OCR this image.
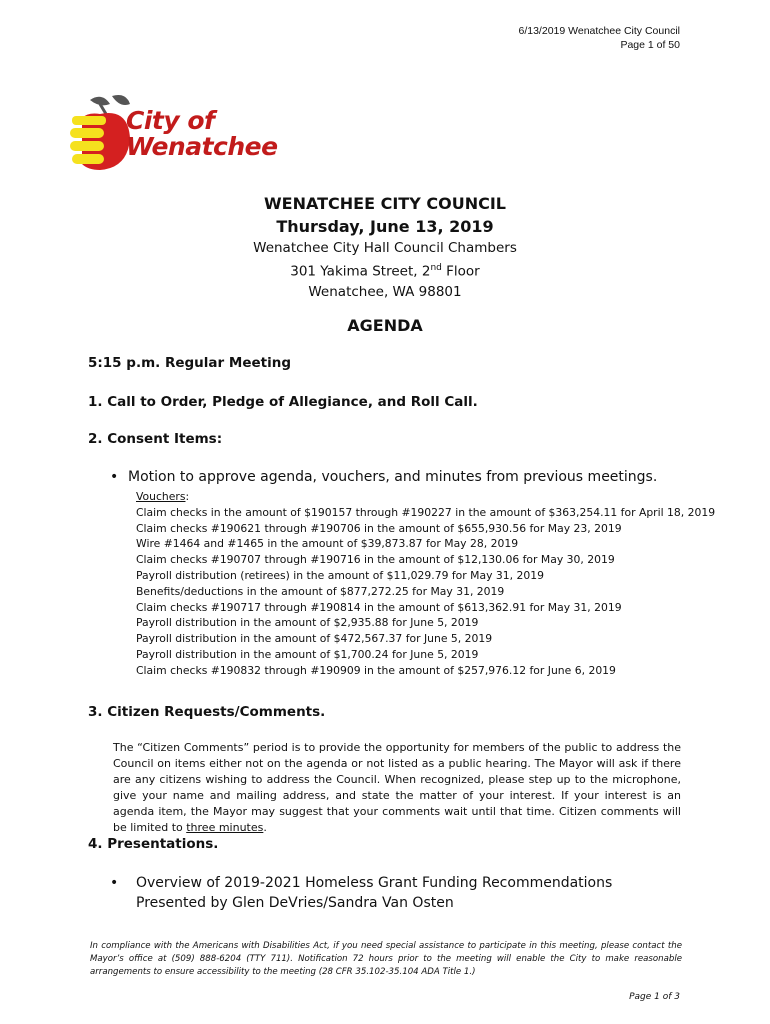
6/13/2019 Wenatchee City Council
Page 1 of 50
City of
Wenatchee
WENATCHEE CITY COUNCIL
Thursday, June 13, 2019
Wenatchee City Hall Council Chambers
301 Yakima Street, 2nd Floor
Wenatchee, WA 98801
AGENDA
5:15 p.m. Regular Meeting
1. Call to Order, Pledge of Allegiance, and Roll Call.
2. Consent Items:
• Motion to approve agenda, vouchers, and minutes from previous meetings.
Vouchers:
Claim checks in the amount of $190157 through #190227 in the amount of $363,254.11 for April 18, 2019
Claim checks #190621 through #190706 in the amount of $655,930.56 for May 23, 2019
Wire #1464 and #1465 in the amount of $39,873.87 for May 28, 2019
Claim checks #190707 through #190716 in the amount of $12,130.06 for May 30, 2019
Payroll distribution (retirees) in the amount of $11,029.79 for May 31, 2019
Benefits/deductions in the amount of $877,272.25 for May 31, 2019
Claim checks #190717 through #190814 in the amount of $613,362.91 for May 31, 2019
Payroll distribution in the amount of $2,935.88 for June 5, 2019
Payroll distribution in the amount of $472,567.37 for June 5, 2019
Payroll distribution in the amount of $1,700.24 for June 5, 2019
Claim checks #190832 through #190909 in the amount of $257,976.12 for June 6, 2019
3. Citizen Requests/Comments.
The “Citizen Comments” period is to provide the opportunity for members of the public to address the Council on items either not on the agenda or not listed as a public hearing. The Mayor will ask if there are any citizens wishing to address the Council. When recognized, please step up to the microphone, give your name and mailing address, and state the matter of your interest. If your interest is an agenda item, the Mayor may suggest that your comments wait until that time. Citizen comments will be limited to three minutes.
4. Presentations.
• Overview of 2019-2021 Homeless Grant Funding Recommendations
Presented by Glen DeVries/Sandra Van Osten
In compliance with the Americans with Disabilities Act, if you need special assistance to participate in this meeting, please contact the Mayor’s office at (509) 888-6204 (TTY 711). Notification 72 hours prior to the meeting will enable the City to make reasonable arrangements to ensure accessibility to the meeting (28 CFR 35.102-35.104 ADA Title 1.)
Page 1 of 3
